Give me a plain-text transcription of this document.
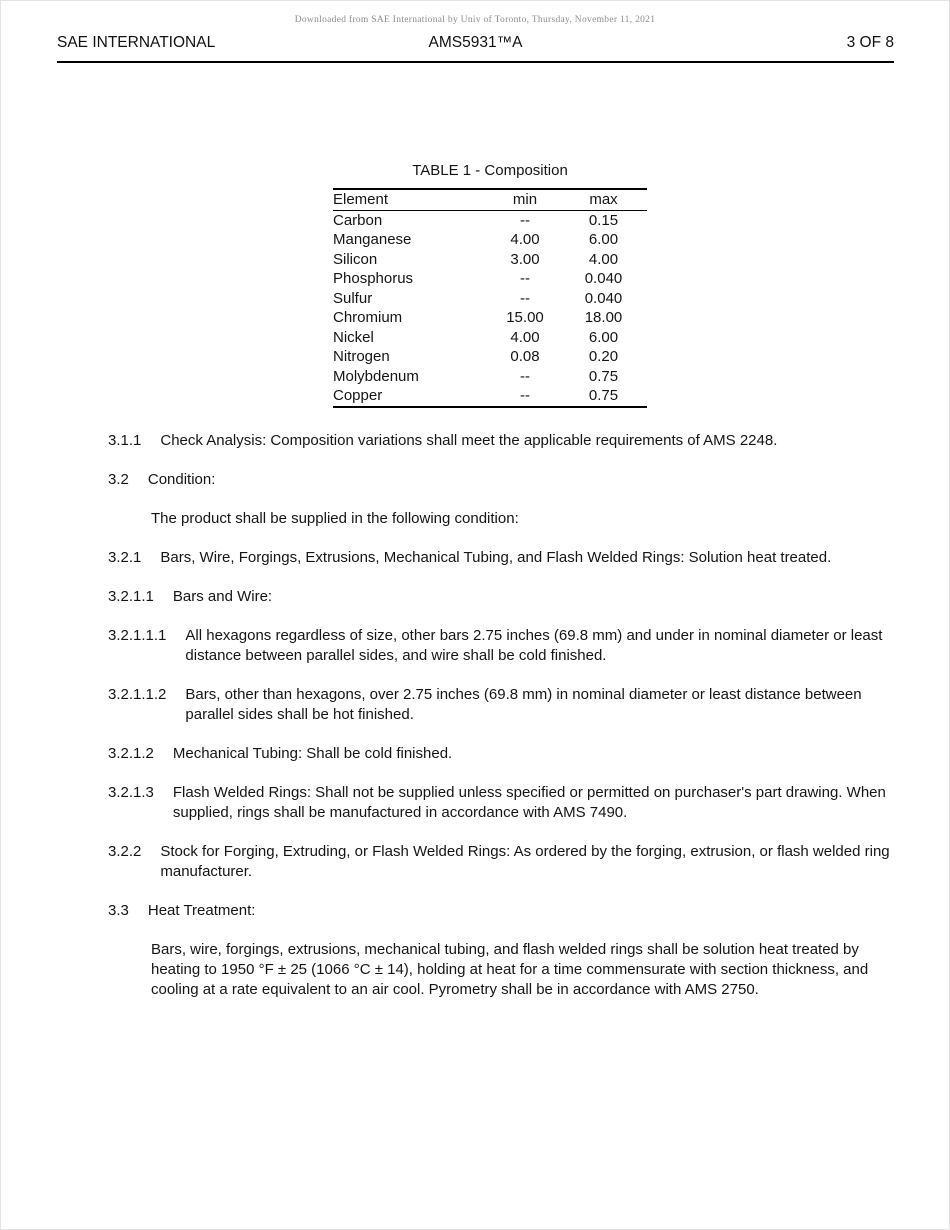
Downloaded from SAE International by Univ of Toronto, Thursday, November 11, 2021
SAE INTERNATIONAL	AMS5931™A	3 OF 8
TABLE 1 - Composition
Element	min	max
Carbon	--	0.15
Manganese	4.00	6.00
Silicon	3.00	4.00
Phosphorus	--	0.040
Sulfur	--	0.040
Chromium	15.00	18.00
Nickel	4.00	6.00
Nitrogen	0.08	0.20
Molybdenum	--	0.75
Copper	--	0.75
3.1.1 Check Analysis: Composition variations shall meet the applicable requirements of AMS 2248.
3.2 Condition:
The product shall be supplied in the following condition:
3.2.1 Bars, Wire, Forgings, Extrusions, Mechanical Tubing, and Flash Welded Rings: Solution heat treated.
3.2.1.1 Bars and Wire:
3.2.1.1.1 All hexagons regardless of size, other bars 2.75 inches (69.8 mm) and under in nominal diameter or least distance between parallel sides, and wire shall be cold finished.
3.2.1.1.2 Bars, other than hexagons, over 2.75 inches (69.8 mm) in nominal diameter or least distance between parallel sides shall be hot finished.
3.2.1.2 Mechanical Tubing: Shall be cold finished.
3.2.1.3 Flash Welded Rings: Shall not be supplied unless specified or permitted on purchaser's part drawing. When supplied, rings shall be manufactured in accordance with AMS 7490.
3.2.2 Stock for Forging, Extruding, or Flash Welded Rings: As ordered by the forging, extrusion, or flash welded ring manufacturer.
3.3 Heat Treatment:
Bars, wire, forgings, extrusions, mechanical tubing, and flash welded rings shall be solution heat treated by heating to 1950 °F ± 25 (1066 °C ± 14), holding at heat for a time commensurate with section thickness, and cooling at a rate equivalent to an air cool. Pyrometry shall be in accordance with AMS 2750.
